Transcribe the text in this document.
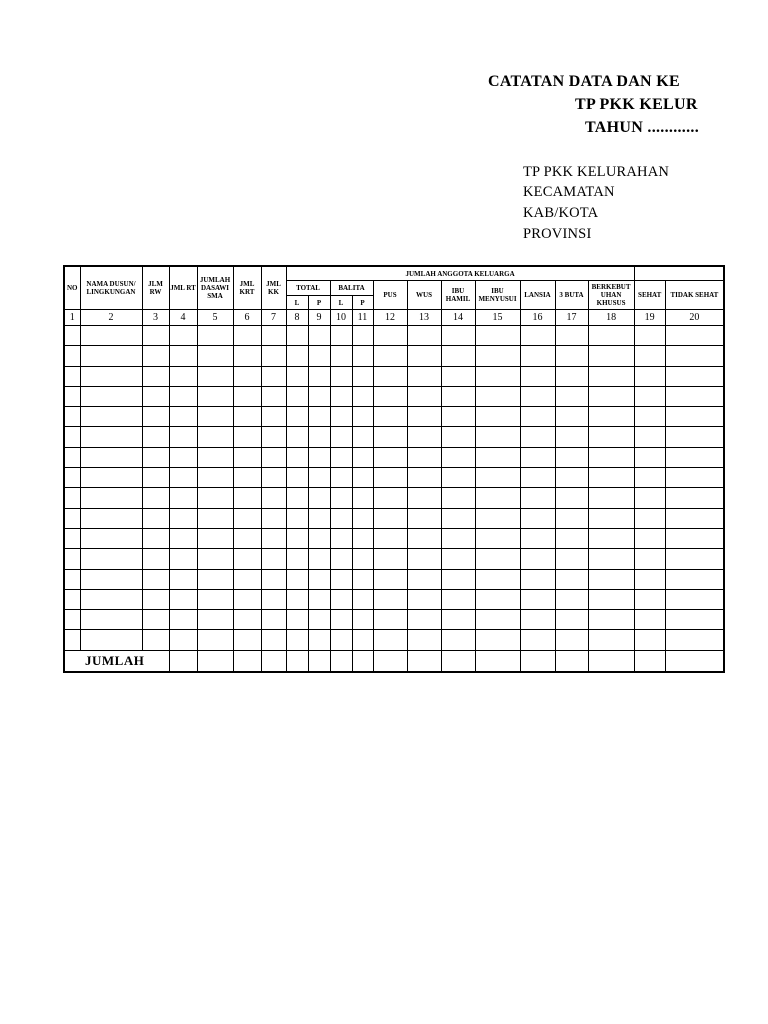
CATATAN DATA DAN KE
TP PKK KELUR
TAHUN ............
TP PKK KELURAHAN
KECAMATAN
KAB/KOTA
PROVINSI
NO	NAMA DUSUN/ LINGKUNGAN	JLM RW	JML RT	JUMLAH DASAWI SMA	JML KRT	JML KK	JUMLAH ANGGOTA KELUARGA												
							TOTAL		BALITA		PUS	WUS	IBU HAMIL	IBU MENYUSUI	LANSIA	3 BUTA	BERKEBUT UHAN KHUSUS	SEHAT	TIDAK SEHAT
							L	P	L	P									
1	2	3	4	5	6	7	8	9	10	11	12	13	14	15	16	17	18	19	20

JUMLAH																			
